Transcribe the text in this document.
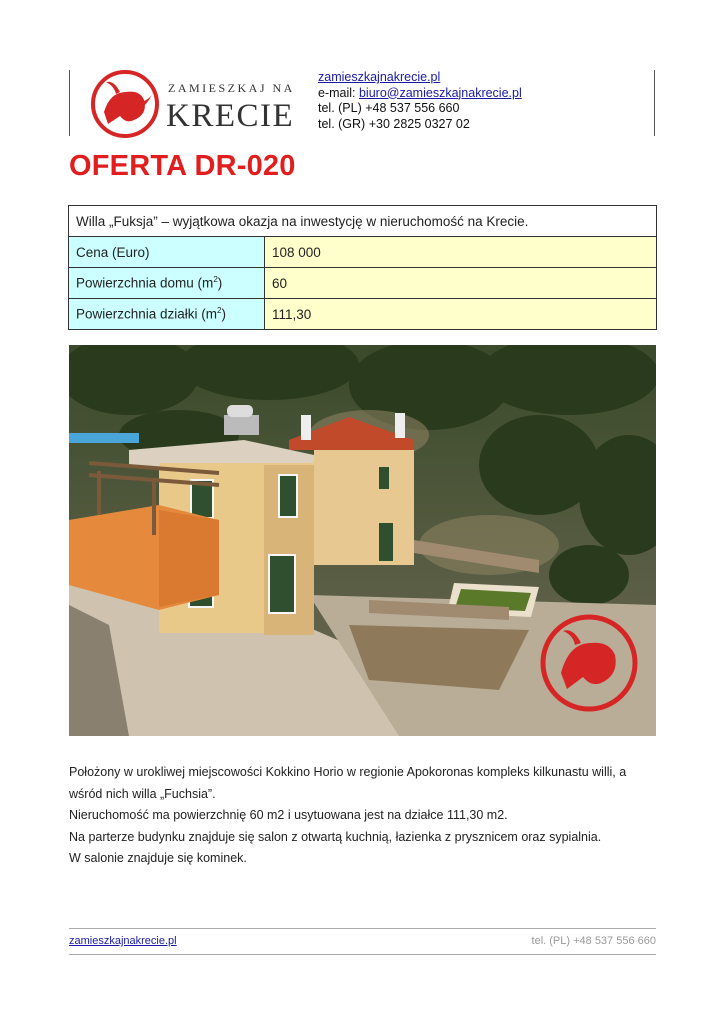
ZAMIESZKAJ NA
KRECIE
zamieszkajnakrecie.pl
e-mail: biuro@zamieszkajnakrecie.pl
tel. (PL) +48 537 556 660
tel. (GR) +30 2825 0327 02
OFERTA DR-020
Willa „Fuksja” – wyjątkowa okazja na inwestycję w nieruchomość na Krecie.	
Cena (Euro)	108 000
Powierzchnia domu $(m^2)$	60
Powierzchnia działki $(m^2)$	111,30

Położony w urokliwej miejscowości Kokkino Horio w regionie Apokoronas kompleks kilkunastu willi, a wśród nich willa „Fuchsia”.

Nieruchomość ma powierzchnię 60 m2 i usytuowana jest na działce 111,30 m2.

Na parterze budynku znajduje się salon z otwartą kuchnią, łazienka z prysznicem oraz sypialnia.

W salonie znajduje się kominek.

zamieszkajnakrecie.pl	tel. (PL) +48 537 556 660
